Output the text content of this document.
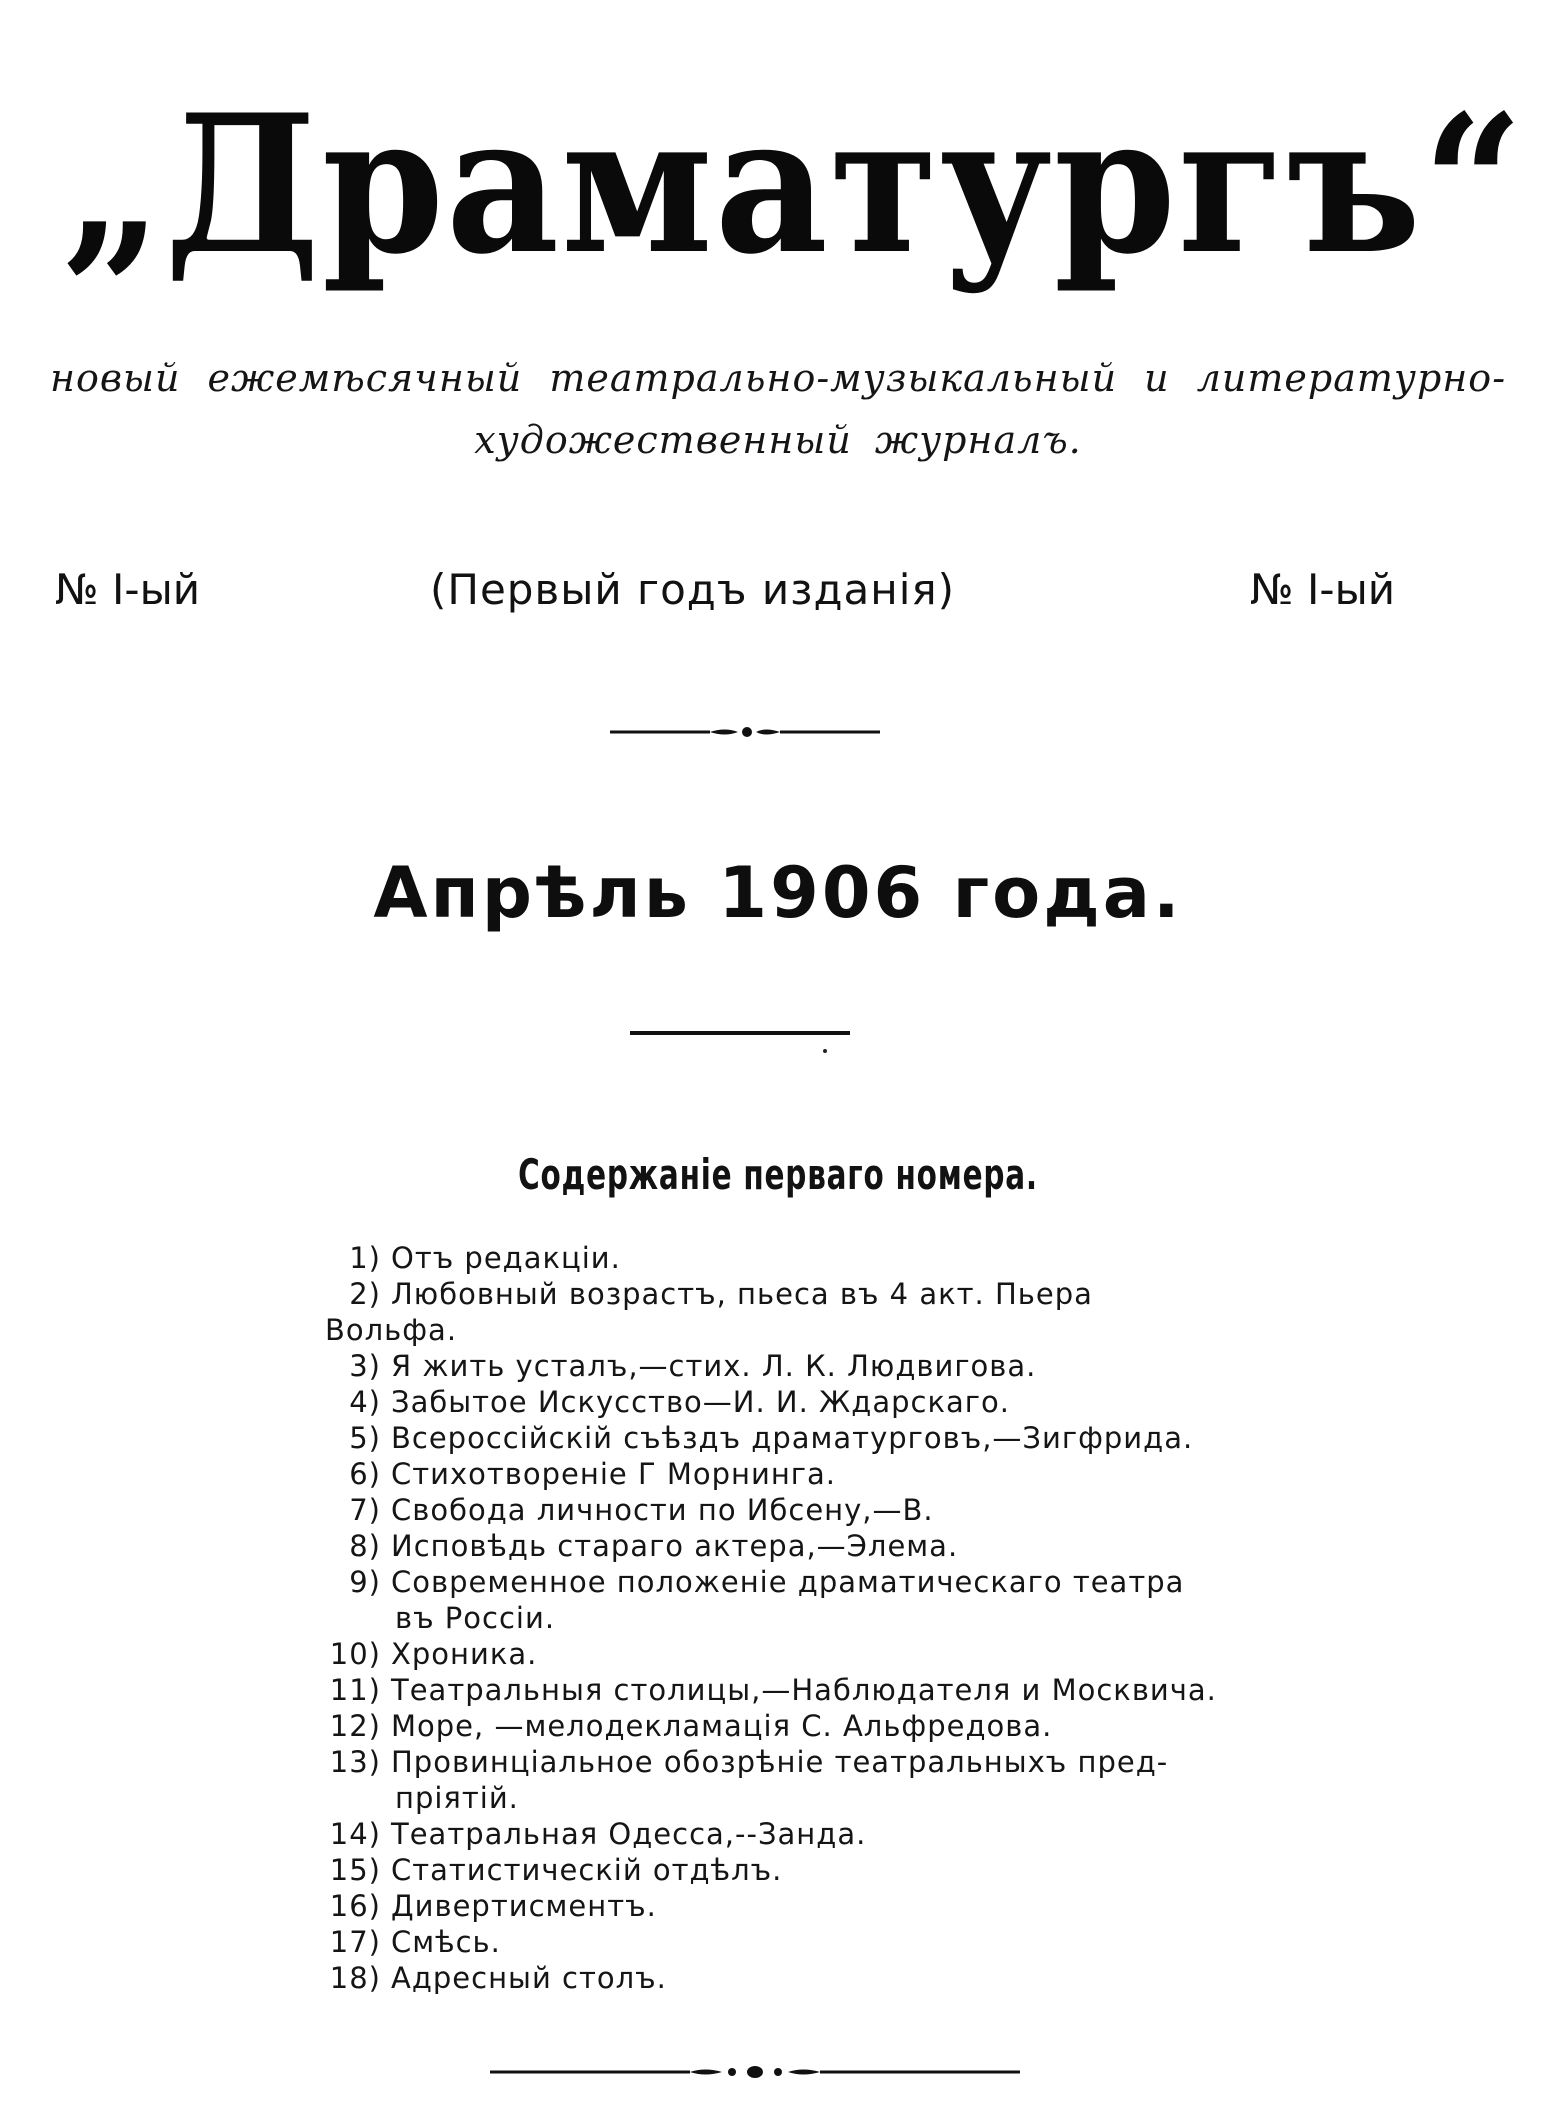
„Драматургъ“
новый ежемѣсячный театрально-музыкальный и литературно-
художественный журналъ.
№ I-ый	(Первый годъ изданія)	№ I-ый
Апрѣль 1906 года.
Содержаніе перваго номера.
1) Отъ редакціи.
2) Любовный возрастъ, пьеса въ 4 акт. Пьера Вольфа.
3) Я жить усталъ,—стих. Л. К. Людвигова.
4) Забытое Искусство—И. И. Ждарскаго.
5) Всероссійскій съѣздъ драматурговъ,—Зигфрида.
6) Стихотвореніе Г Морнинга.
7) Свобода личности по Ибсену,—В.
8) Исповѣдь стараго актера,—Элема.
9) Современное положеніе драматическаго театра
въ Россіи.
10) Хроника.
11) Театральныя столицы,—Наблюдателя и Москвича.
12) Море, —мелодекламація С. Альфредова.
13) Провинціальное обозрѣніе театральныхъ пред-
пріятій.
14) Театральная Одесса,--Занда.
15) Статистическій отдѣлъ.
16) Дивертисментъ.
17) Смѣсь.
18) Адресный столъ.
